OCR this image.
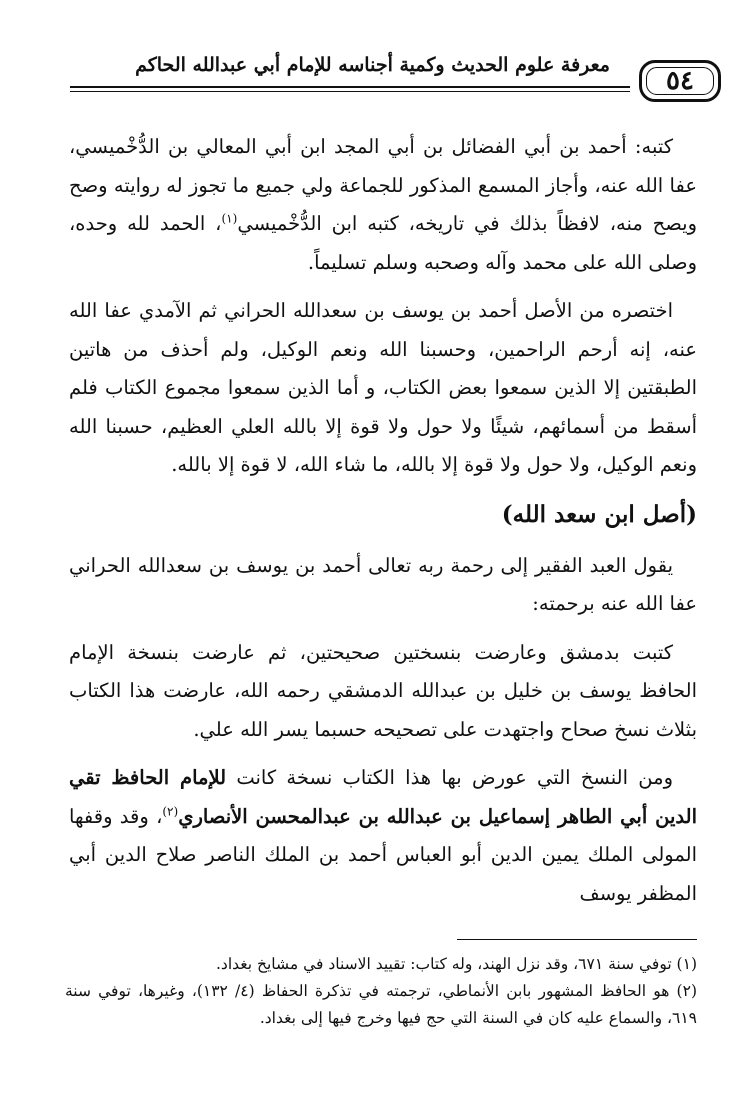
معرفة علوم الحديث وكمية أجناسه للإمام أبي عبدالله الحاكم
٥٤

كتبه: أحمد بن أبي الفضائل بن أبي المجد ابن أبي المعالي بن الدُّخْميسي، عفا الله عنه، وأجاز المسمع المذكور للجماعة ولي جميع ما تجوز له روايته وصح ويصح منه، لافظاً بذلك في تاريخه، كتبه ابن الدُّخْميسي$^{(١)}$، الحمد لله وحده، وصلى الله على محمد وآله وصحبه وسلم تسليماً.

اختصره من الأصل أحمد بن يوسف بن سعدالله الحراني ثم الآمدي عفا الله عنه، إنه أرحم الراحمين، وحسبنا الله ونعم الوكيل، ولم أحذف من هاتين الطبقتين إلا الذين سمعوا بعض الكتاب، و أما الذين سمعوا مجموع الكتاب فلم أسقط من أسمائهم، شيئًا ولا حول ولا قوة إلا بالله العلي العظيم، حسبنا الله ونعم الوكيل، ولا حول ولا قوة إلا بالله، ما شاء الله، لا قوة إلا بالله.

(أصل ابن سعد الله)

يقول العبد الفقير إلى رحمة ربه تعالى أحمد بن يوسف بن سعدالله الحراني عفا الله عنه برحمته:

كتبت بدمشق وعارضت بنسختين صحيحتين، ثم عارضت بنسخة الإمام الحافظ يوسف بن خليل بن عبدالله الدمشقي رحمه الله، عارضت هذا الكتاب بثلاث نسخ صحاح واجتهدت على تصحيحه حسبما يسر الله علي.

ومن النسخ التي عورض بها هذا الكتاب نسخة كانت للإمام الحافظ تقي الدين أبي الطاهر إسماعيل بن عبدالله بن عبدالمحسن الأنصاري$^{(٢)}$، وقد وقفها المولى الملك يمين الدين أبو العباس أحمد بن الملك الناصر صلاح الدين أبي المظفر يوسف

(١) توفي سنة ٦٧١، وقد نزل الهند، وله كتاب: تقييد الاسناد في مشايخ بغداد.

(٢) هو الحافظ المشهور بابن الأنماطي، ترجمته في تذكرة الحفاظ (٤/ ١٣٢)، وغيرها، توفي سنة ٦١٩، والسماع عليه كان في السنة التي حج فيها وخرج فيها إلى بغداد.
